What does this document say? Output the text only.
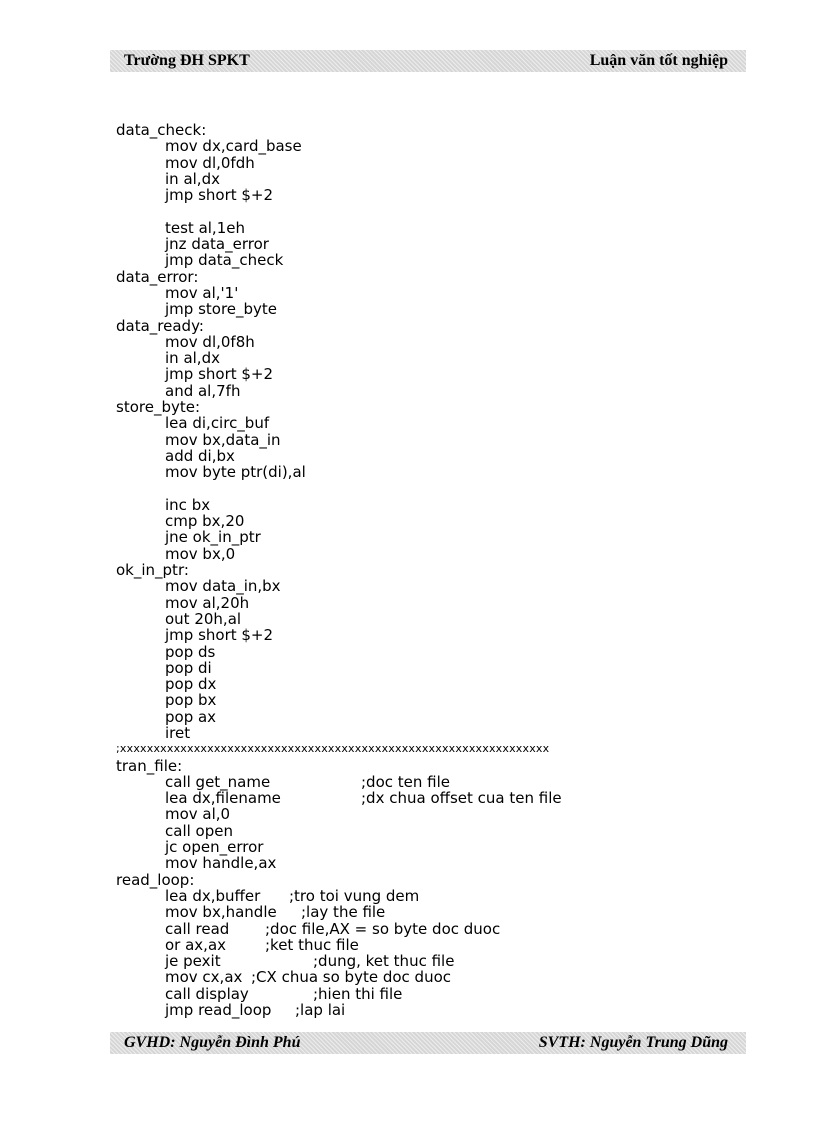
Trường ĐH SPKT	Luận văn tốt nghiệp
data_check:
mov dx,card_base
mov dl,0fdh
in al,dx
jmp short $+2
test al,1eh
jnz data_error
jmp data_check
data_error:
mov al,'1'
jmp store_byte
data_ready:
mov dl,0f8h
in al,dx
jmp short $+2
and al,7fh
store_byte:
lea di,circ_buf
mov bx,data_in
add di,bx
mov byte ptr(di),al
inc bx
cmp bx,20
jne ok_in_ptr
mov bx,0
ok_in_ptr:
mov data_in,bx
mov al,20h
out 20h,al
jmp short $+2
pop ds
pop di
pop dx
pop bx
pop ax
iret
;xxxxxxxxxxxxxxxxxxxxxxxxxxxxxxxxxxxxxxxxxxxxxxxxxxxxxxxxxxxxxxxx
tran_file:
call get_name	;doc ten file
lea dx,filename	;dx chua offset cua ten file
mov al,0
call open
jc open_error
mov handle,ax
read_loop:
lea dx,buffer ;tro toi vung dem
mov bx,handle ;lay the file
call read ;doc file,AX = so byte doc duoc
or ax,ax	;ket thuc file
je pexit	;dung, ket thuc file
mov cx,ax ;CX chua so byte doc duoc
call display	;hien thi file
jmp read_loop ;lap lai
GVHD: Nguyễn Đình Phú	SVTH: Nguyễn Trung Dũng
